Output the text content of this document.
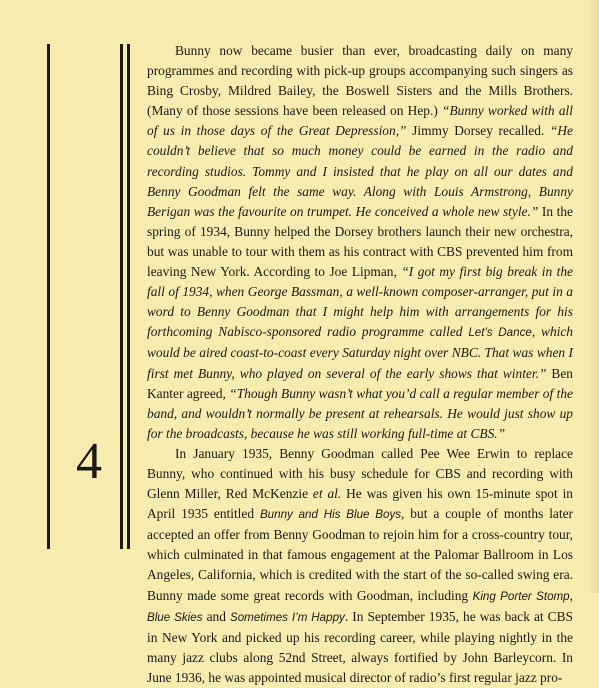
4

Bunny now became busier than ever, broadcasting daily on many programmes and recording with pick-up groups accompanying such singers as Bing Crosby, Mildred Bailey, the Boswell Sisters and the Mills Brothers. (Many of those sessions have been released on Hep.) “Bunny worked with all of us in those days of the Great Depression,” Jimmy Dorsey recalled. “He couldn’t believe that so much money could be earned in the radio and recording studios. Tommy and I insisted that he play on all our dates and Benny Goodman felt the same way. Along with Louis Armstrong, Bunny Berigan was the favourite on trumpet. He conceived a whole new style.” In the spring of 1934, Bunny helped the Dorsey brothers launch their new orchestra, but was unable to tour with them as his contract with CBS prevented him from leaving New York. According to Joe Lipman, “I got my first big break in the fall of 1934, when George Bassman, a well-known composer-arranger, put in a word to Benny Goodman that I might help him with arrangements for his forthcoming Nabisco-sponsored radio programme called Let’s Dance, which would be aired coast-to-coast every Saturday night over NBC. That was when I first met Bunny, who played on several of the early shows that winter.” Ben Kanter agreed, “Though Bunny wasn’t what you’d call a regular member of the band, and wouldn’t normally be present at rehearsals. He would just show up for the broadcasts, because he was still working full-time at CBS.”

In January 1935, Benny Goodman called Pee Wee Erwin to replace Bunny, who continued with his busy schedule for CBS and recording with Glenn Miller, Red McKenzie et al. He was given his own 15-minute spot in April 1935 entitled Bunny and His Blue Boys, but a couple of months later accepted an offer from Benny Goodman to rejoin him for a cross-country tour, which culminated in that famous engagement at the Palomar Ballroom in Los Angeles, California, which is credited with the start of the so-called swing era. Bunny made some great records with Goodman, including King Porter Stomp, Blue Skies and Sometimes I’m Happy. In September 1935, he was back at CBS in New York and picked up his recording career, while playing nightly in the many jazz clubs along 52nd Street, always fortified by John Barleycorn. In June 1936, he was appointed musical director of radio’s first regular jazz pro-
